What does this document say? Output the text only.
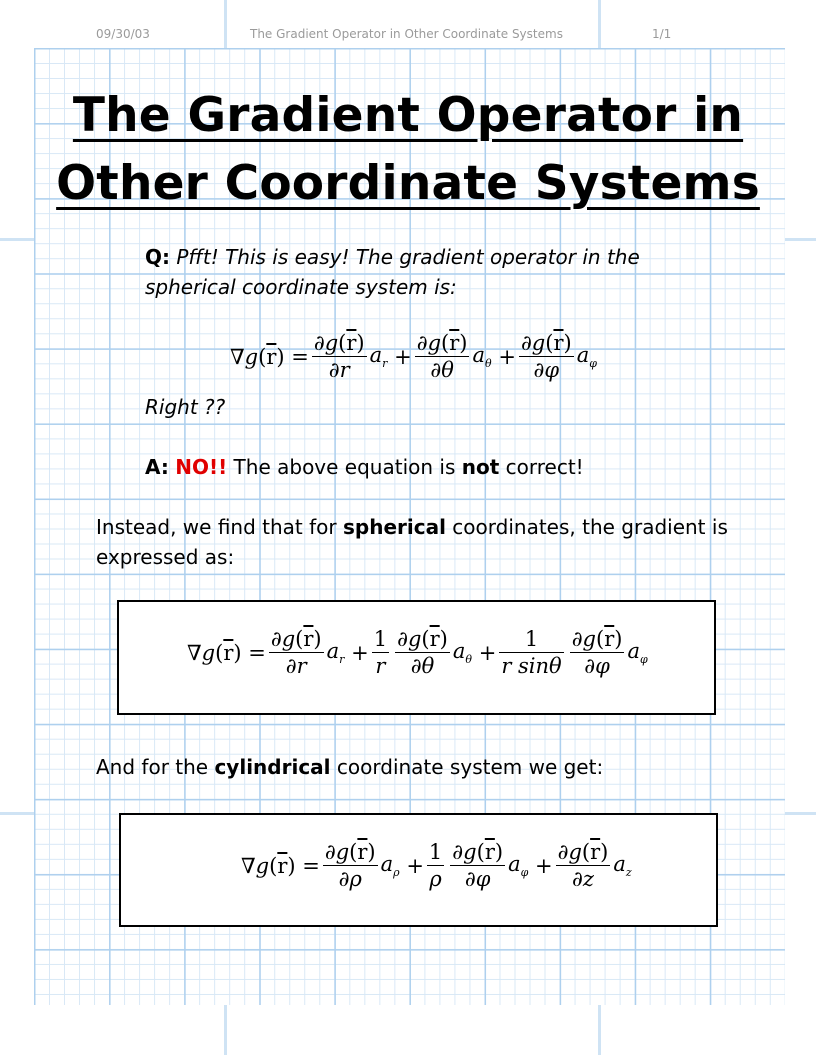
09/30/03	The Gradient Operator in Other Coordinate Systems	1/1
The Gradient Operator in
Other Coordinate Systems
Q: Pfft! This is easy! The gradient operator in the
spherical coordinate system is:
∇ g ( $\overline{r}$ ) = $\frac{\partial g(\overline{r})}{\partial r} a_r$
+ $\frac{\partial g(\overline{r})}{\partial\theta} a_\theta$
+ $\frac{\partial g(\overline{r})}{\partial\varphi} a_\varphi$
Right ??
A: NO!! The above equation is not correct!
Instead, we find that for spherical coordinates, the gradient is
expressed as:
∇ g ( $\overline{r}$ ) = $\frac{\partial g(\overline{r})}{\partial r} a_r$
+ $\frac{1}{r} \frac{\partial g(\overline{r})}{\partial\theta} a_\theta$
+ $\frac{1}{\text{r sinθ}} \frac{\partial g(\overline{r})}{\partial\varphi} a_\varphi$
And for the cylindrical coordinate system we get:
∇ g ( $\overline{r}$ ) = $\frac{\partial g(\overline{r})}{\partial\rho} a_\rho$
+ $\frac{1}{\rho} \frac{\partial g(\overline{r})}{\partial\varphi} a_\varphi$
+ $\frac{\partial g(\overline{r})}{\partial z} a_z$
